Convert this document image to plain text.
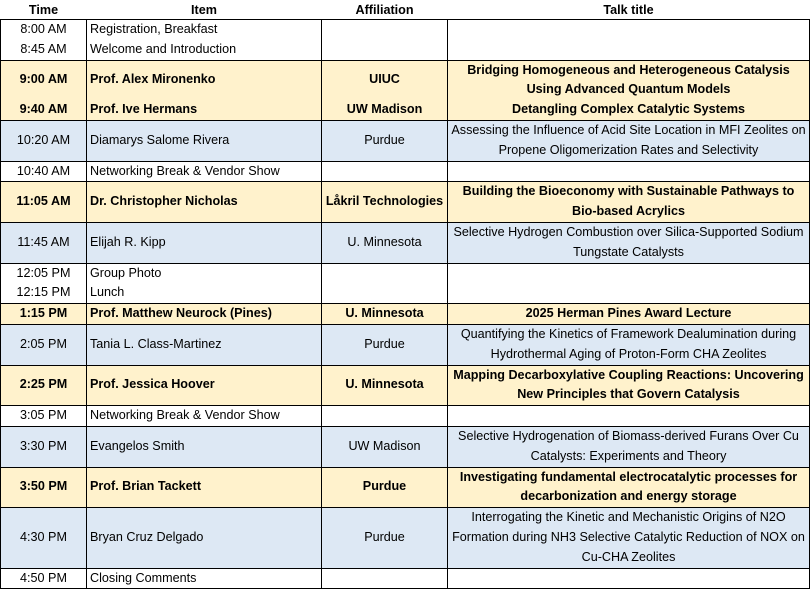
Time	Item	Affiliation	Talk title
8:00 AM	Registration, Breakfast		
8:45 AM	Welcome and Introduction		
9:00 AM	Prof. Alex Mironenko	UIUC	Bridging Homogeneous and Heterogeneous Catalysis Using Advanced Quantum Models
9:40 AM	Prof. Ive Hermans	UW Madison	Detangling Complex Catalytic Systems
10:20 AM	Diamarys Salome Rivera	Purdue	Assessing the Influence of Acid Site Location in MFI Zeolites on Propene Oligomerization Rates and Selectivity
10:40 AM	Networking Break & Vendor Show		
11:05 AM	Dr. Christopher Nicholas	Låkril Technologies	Building the Bioeconomy with Sustainable Pathways to Bio-based Acrylics
11:45 AM	Elijah R. Kipp	U. Minnesota	Selective Hydrogen Combustion over Silica-Supported Sodium Tungstate Catalysts
12:05 PM	Group Photo		
12:15 PM	Lunch		
1:15 PM	Prof. Matthew Neurock (Pines)	U. Minnesota	2025 Herman Pines Award Lecture
2:05 PM	Tania L. Class-Martinez	Purdue	Quantifying the Kinetics of Framework Dealumination during Hydrothermal Aging of Proton-Form CHA Zeolites
2:25 PM	Prof. Jessica Hoover	U. Minnesota	Mapping Decarboxylative Coupling Reactions: Uncovering New Principles that Govern Catalysis
3:05 PM	Networking Break & Vendor Show		
3:30 PM	Evangelos Smith	UW Madison	Selective Hydrogenation of Biomass-derived Furans Over Cu Catalysts: Experiments and Theory
3:50 PM	Prof. Brian Tackett	Purdue	Investigating fundamental electrocatalytic processes for decarbonization and energy storage
4:30 PM	Bryan Cruz Delgado	Purdue	Interrogating the Kinetic and Mechanistic Origins of N2O Formation during NH3 Selective Catalytic Reduction of NOX on Cu-CHA Zeolites
4:50 PM	Closing Comments		
